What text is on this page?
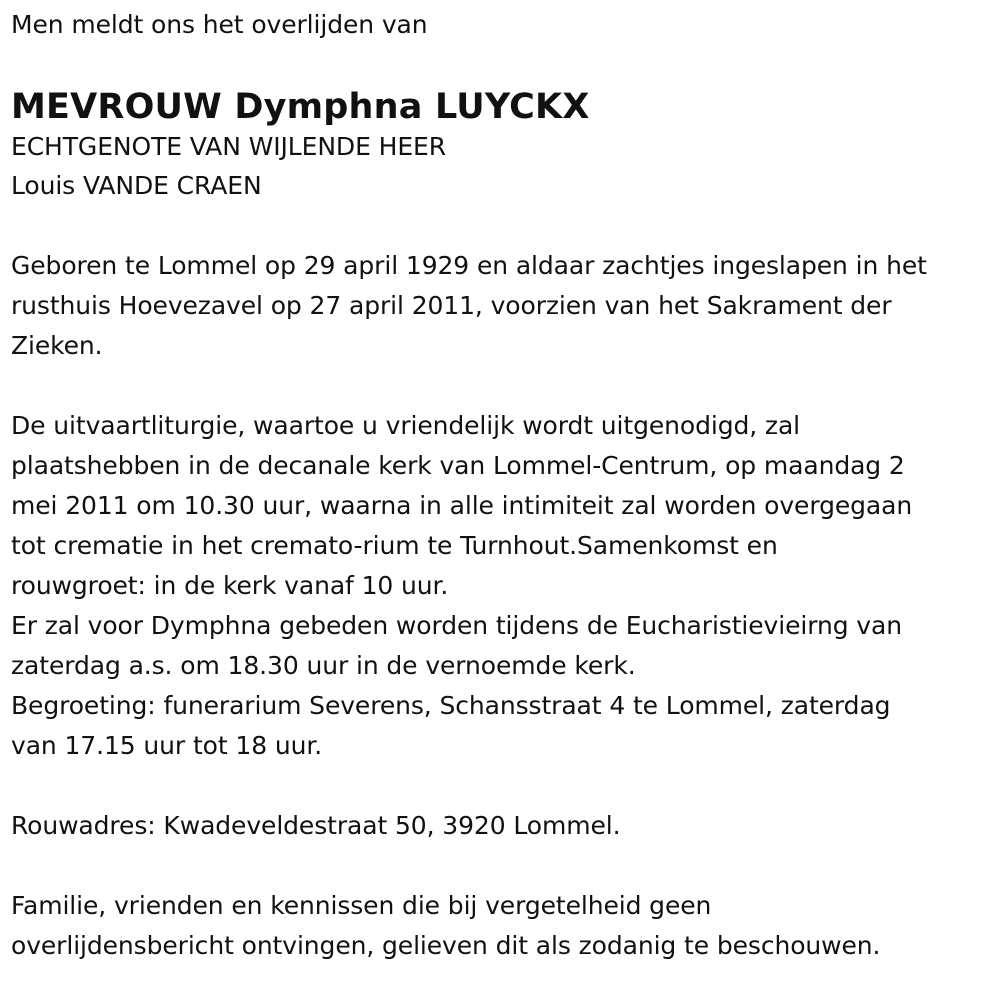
Men meldt ons het overlijden van
MEVROUW Dymphna LUYCKX
ECHTGENOTE VAN WIJLENDE HEER
Louis VANDE CRAEN
Geboren te Lommel op 29 april 1929 en aldaar zachtjes ingeslapen in het
rusthuis Hoevezavel op 27 april 2011, voorzien van het Sakrament der
Zieken.
De uitvaartliturgie, waartoe u vriendelijk wordt uitgenodigd, zal
plaatshebben in de decanale kerk van Lommel-Centrum, op maandag 2
mei 2011 om 10.30 uur, waarna in alle intimiteit zal worden overgegaan
tot crematie in het cremato-rium te Turnhout.Samenkomst en
rouwgroet: in de kerk vanaf 10 uur.
Er zal voor Dymphna gebeden worden tijdens de Eucharistievieirng van
zaterdag a.s. om 18.30 uur in de vernoemde kerk.
Begroeting: funerarium Severens, Schansstraat 4 te Lommel, zaterdag
van 17.15 uur tot 18 uur.
Rouwadres: Kwadeveldestraat 50, 3920 Lommel.
Familie, vrienden en kennissen die bij vergetelheid geen
overlijdensbericht ontvingen, gelieven dit als zodanig te beschouwen.
